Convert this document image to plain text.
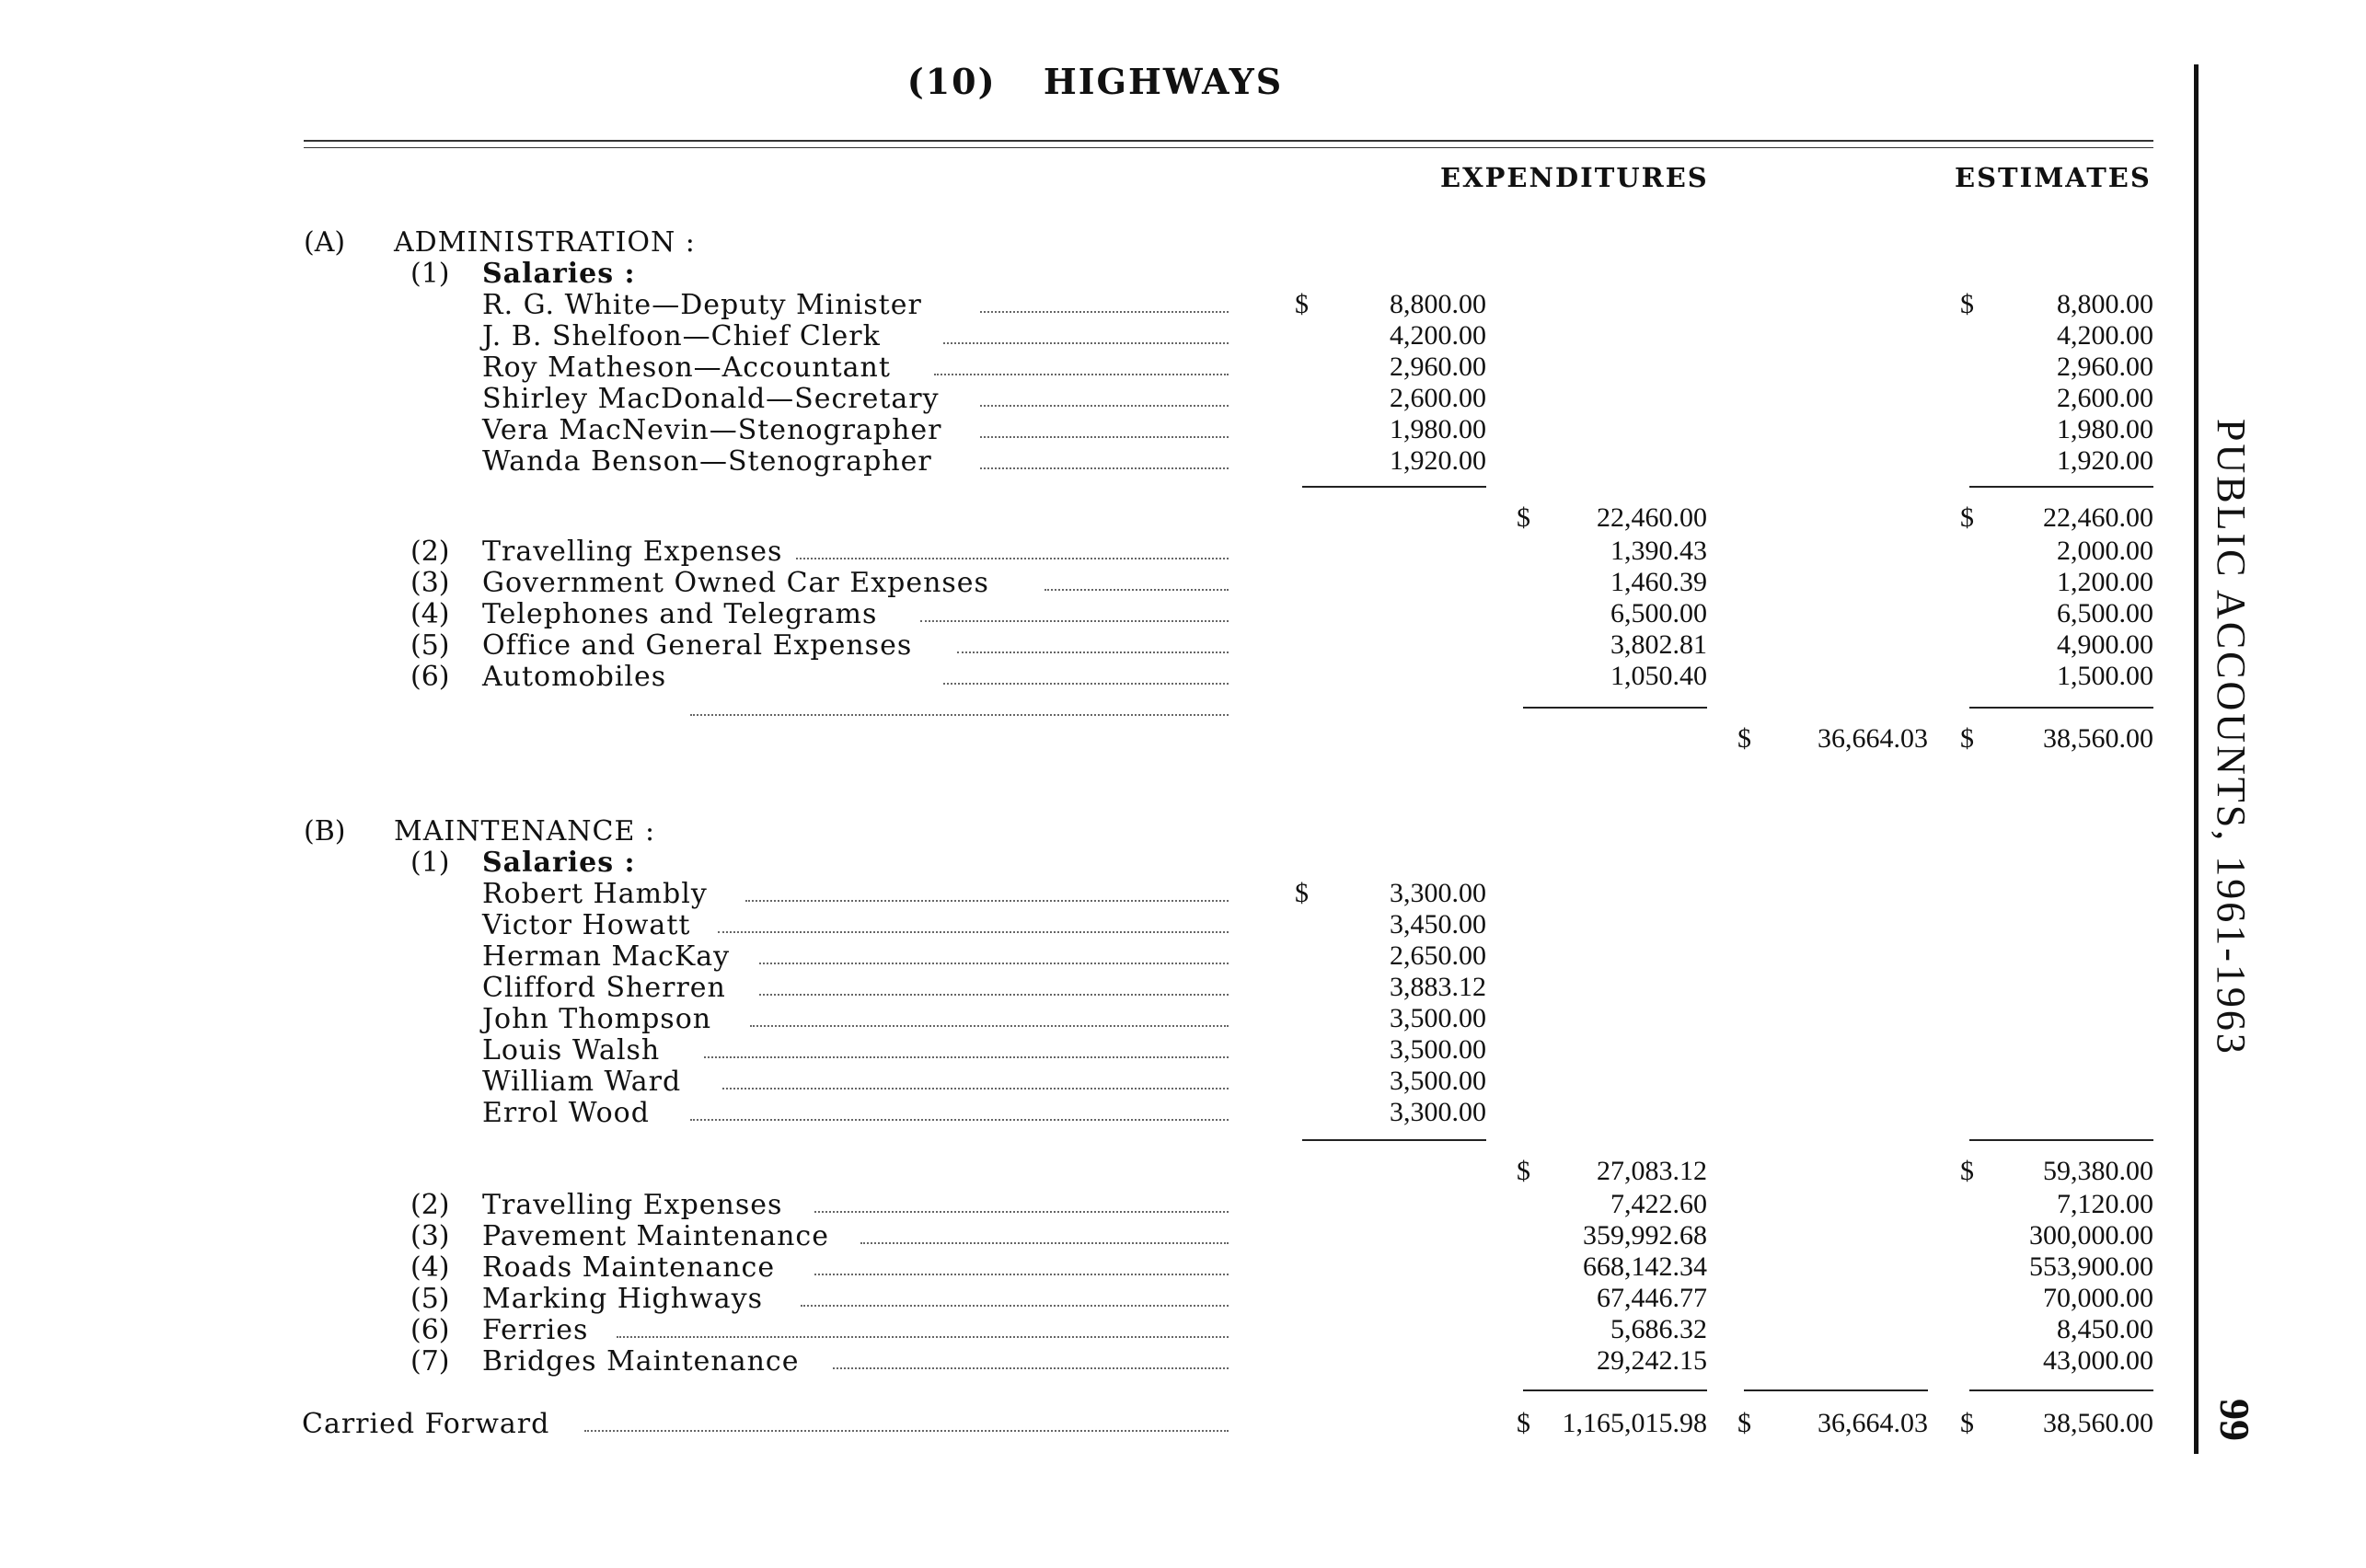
(10) HIGHWAYS
EXPENDITURES	ESTIMATES
PUBLIC ACCOUNTS, 1961-1963
99
(A) ADMINISTRATION :
(1) Salaries :
R. G. White—Deputy Minister	$	8,800.00	$	8,800.00
J. B. Shelfoon—Chief Clerk	4,200.00	4,200.00
Roy Matheson—Accountant	2,960.00	2,960.00
Shirley MacDonald—Secretary	2,600.00	2,600.00
Vera MacNevin—Stenographer	1,980.00	1,980.00
Wanda Benson—Stenographer	1,920.00	1,920.00
$	22,460.00	$	22,460.00
(2) Travelling Expenses	1,390.43	2,000.00
(3) Government Owned Car Expenses	1,460.39	1,200.00
(4) Telephones and Telegrams	6,500.00	6,500.00
(5) Office and General Expenses	3,802.81	4,900.00
(6) Automobiles	1,050.40	1,500.00
$	36,664.03 $	38,560.00
(B) MAINTENANCE :
(1) Salaries :
Robert Hambly	$	3,300.00
Victor Howatt	3,450.00
Herman MacKay	2,650.00
Clifford Sherren	3,883.12
John Thompson	3,500.00
Louis Walsh	3,500.00
William Ward	3,500.00
Errol Wood	3,300.00
$	27,083.12	$	59,380.00
(2) Travelling Expenses	7,422.60	7,120.00
(3) Pavement Maintenance	359,992.68	300,000.00
(4) Roads Maintenance	668,142.34	553,900.00
(5) Marking Highways	67,446.77	70,000.00
(6) Ferries	5,686.32	8,450.00
(7) Bridges Maintenance	29,242.15	43,000.00
Carried Forward	$	1,165,015.98 $	36,664.03 $	38,560.00
